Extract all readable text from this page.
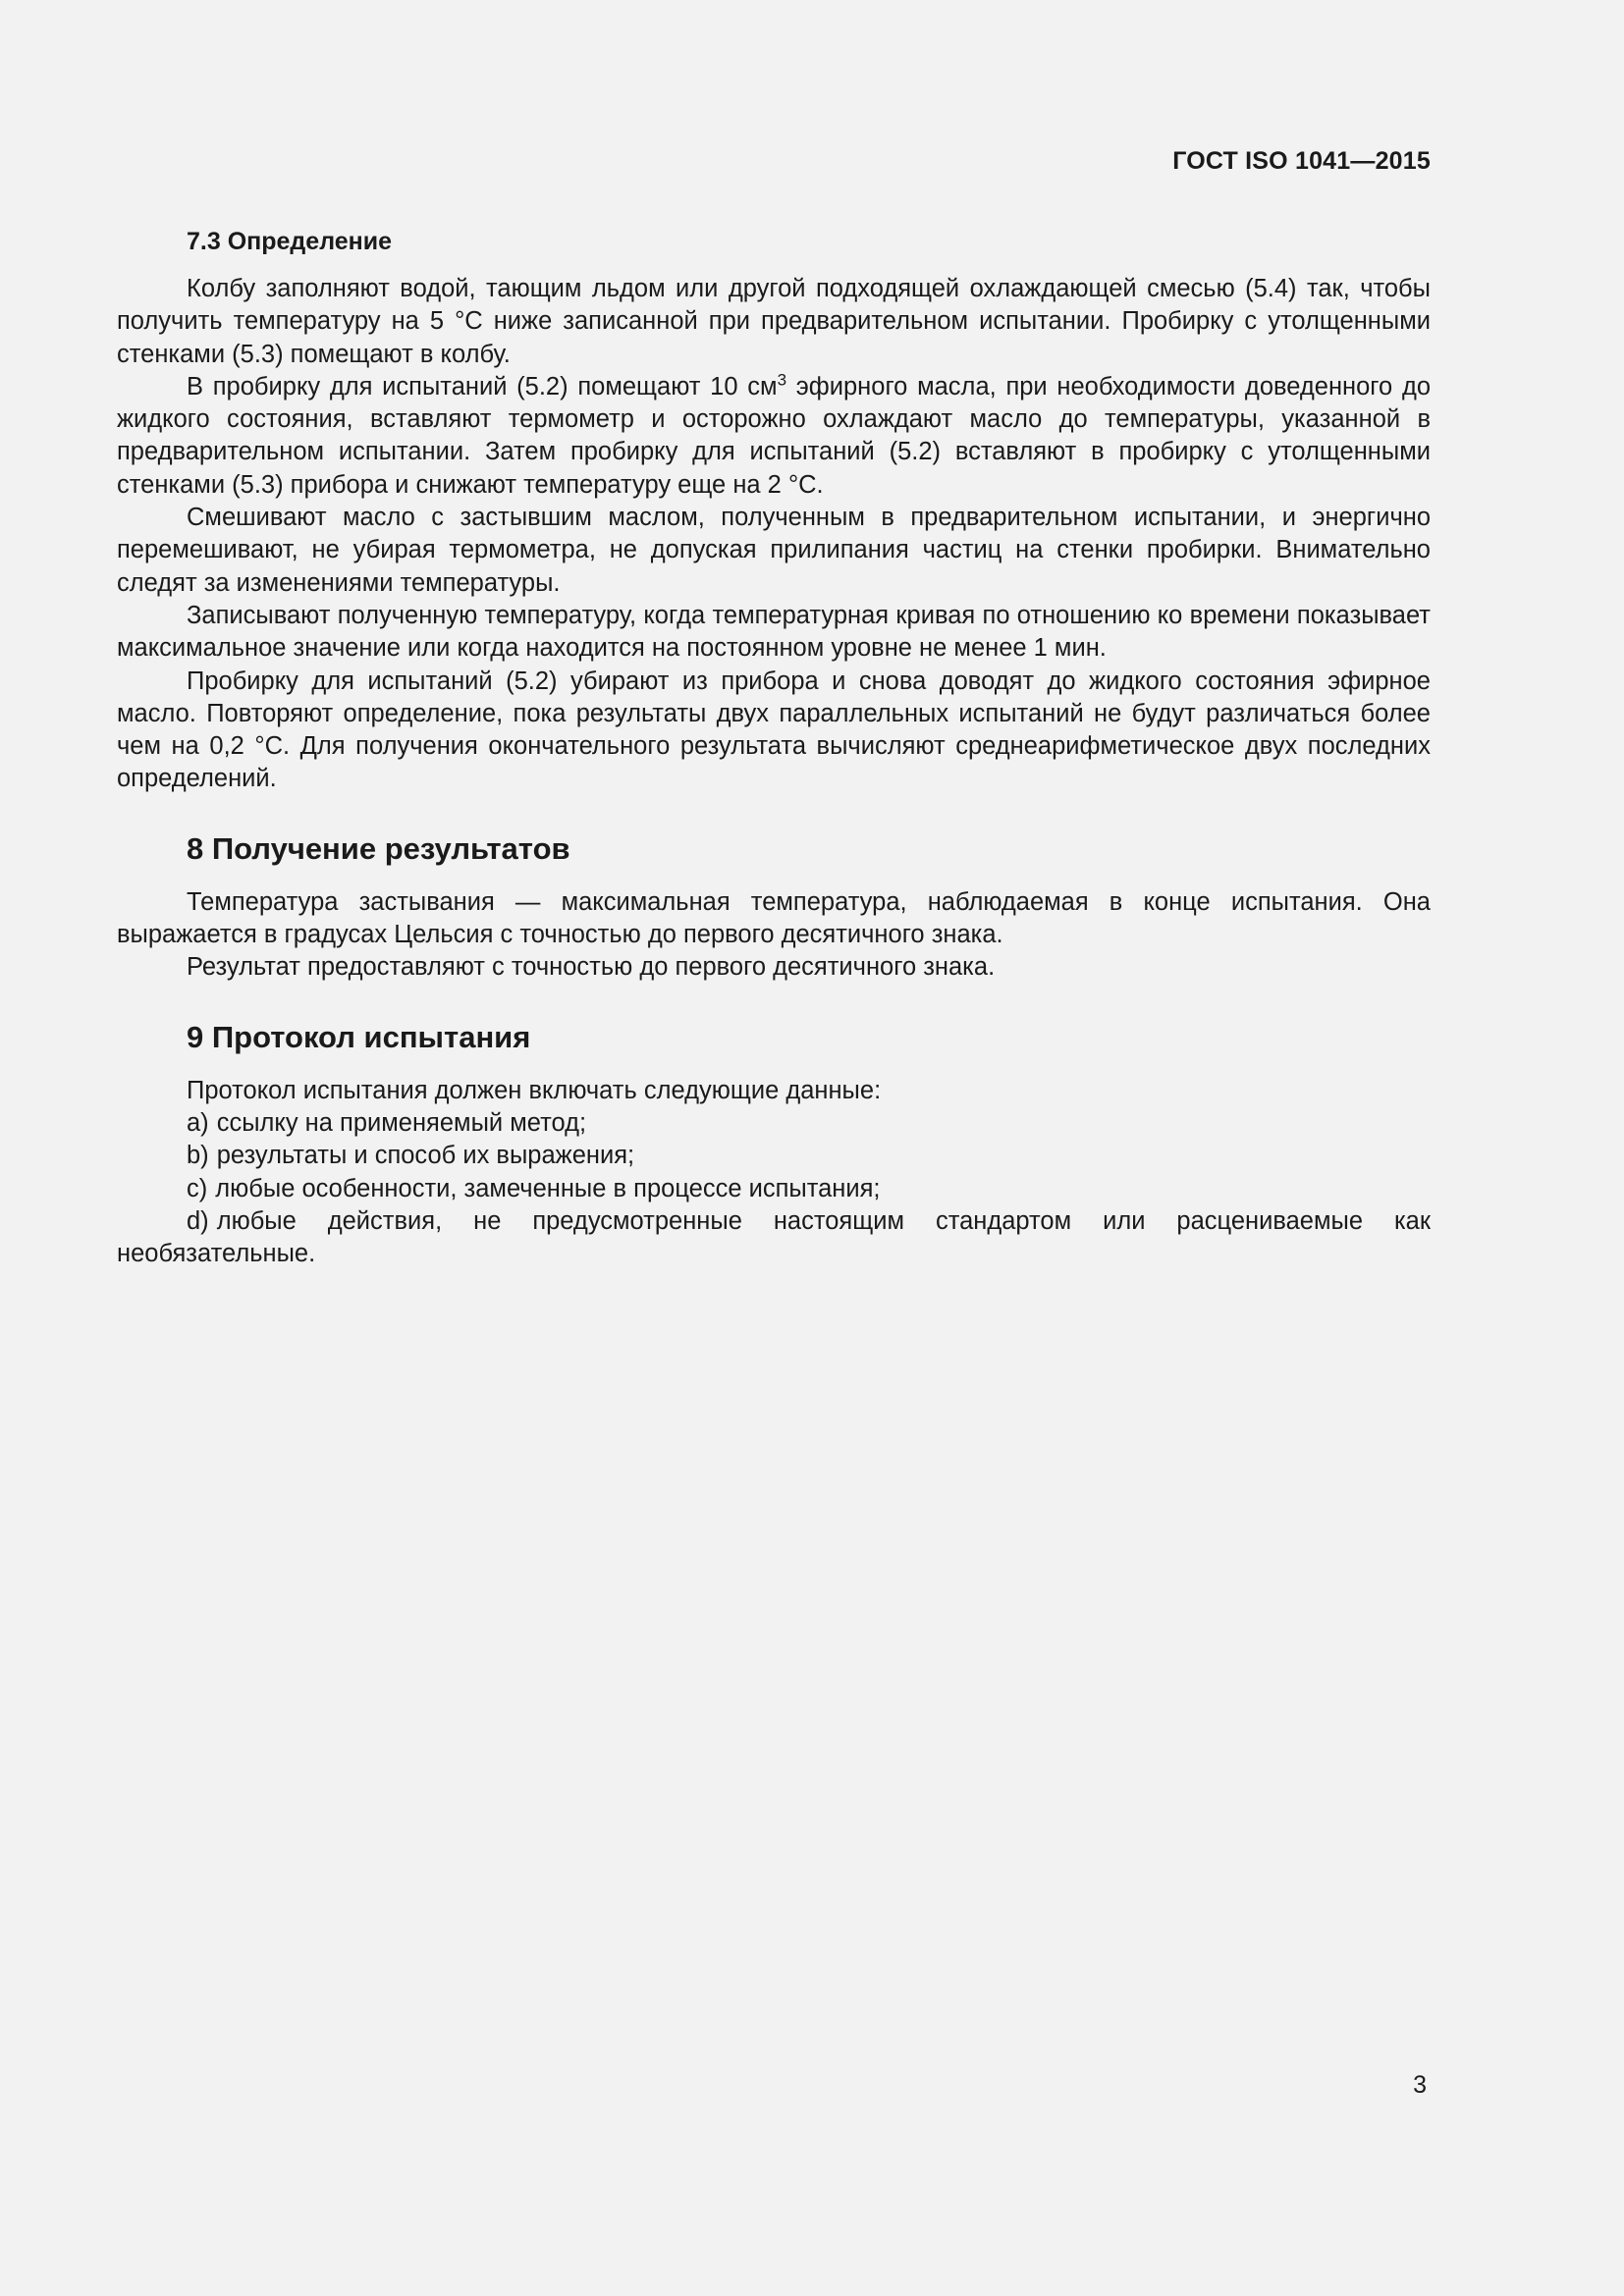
ГОСТ ISO 1041—2015
7.3 Определение

Колбу заполняют водой, тающим льдом или другой подходящей охлаждающей смесью (5.4) так, чтобы получить температуру на 5 °C ниже записанной при предварительном испытании. Пробирку с утолщенными стенками (5.3) помещают в колбу.

В пробирку для испытаний (5.2) помещают 10 $см^3$ эфирного масла, при необходимости доведенного до жидкого состояния, вставляют термометр и осторожно охлаждают масло до температуры, указанной в предварительном испытании. Затем пробирку для испытаний (5.2) вставляют в пробирку с утолщенными стенками (5.3) прибора и снижают температуру еще на 2 °C.

Смешивают масло с застывшим маслом, полученным в предварительном испытании, и энергично перемешивают, не убирая термометра, не допуская прилипания частиц на стенки пробирки. Внимательно следят за изменениями температуры.

Записывают полученную температуру, когда температурная кривая по отношению ко времени показывает максимальное значение или когда находится на постоянном уровне не менее 1 мин.

Пробирку для испытаний (5.2) убирают из прибора и снова доводят до жидкого состояния эфирное масло. Повторяют определение, пока результаты двух параллельных испытаний не будут различаться более чем на 0,2 °C. Для получения окончательного результата вычисляют среднеарифметическое двух последних определений.

8 Получение результатов

Температура застывания — максимальная температура, наблюдаемая в конце испытания. Она выражается в градусах Цельсия с точностью до первого десятичного знака.

Результат предоставляют с точностью до первого десятичного знака.

9 Протокол испытания

Протокол испытания должен включать следующие данные:

a) ссылку на применяемый метод;

b) результаты и способ их выражения;

c) любые особенности, замеченные в процессе испытания;

d) любые действия, не предусмотренные настоящим стандартом или расцениваемые как необязательные.

3
